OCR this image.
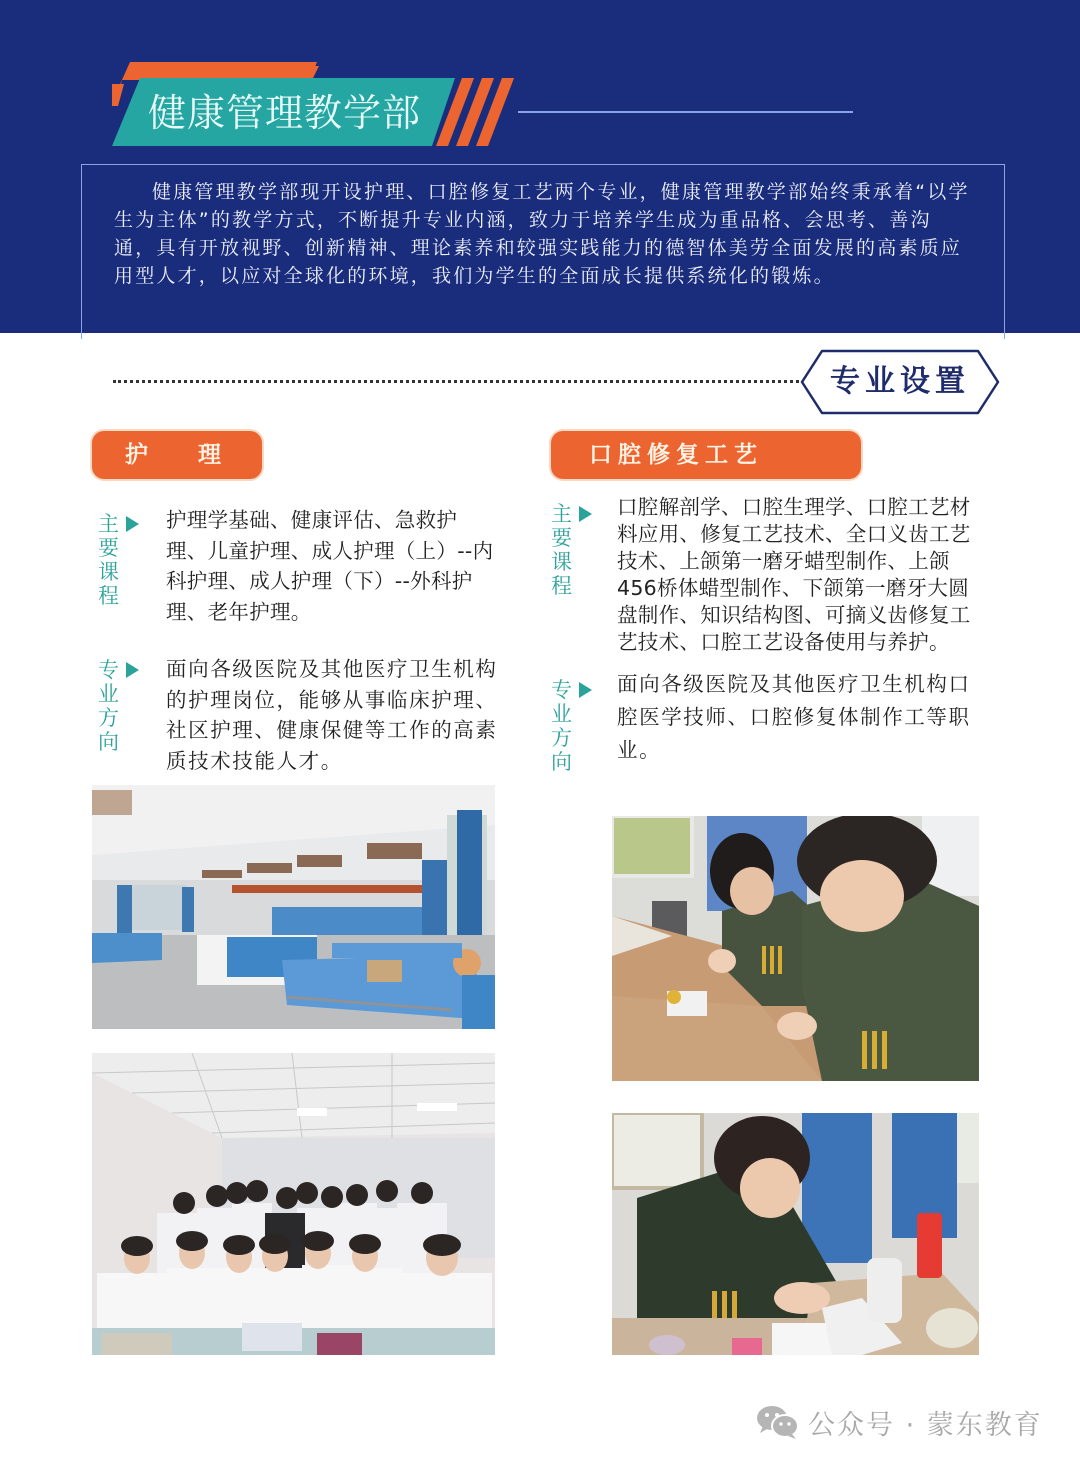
健康管理教学部

健康管理教学部现开设护理、口腔修复工艺两个专业，健康管理教学部始终秉承着“以学生为主体”的教学方式，不断提升专业内涵，致力于培养学生成为重品格、会思考、善沟通，具有开放视野、创新精神、理论素养和较强实践能力的德智体美劳全面发展的高素质应用型人才，以应对全球化的环境，我们为学生的全面成长提供系统化的锻炼。

专业设置
护 理
主
要
课
程
护理学基础、健康评估、急救护理、儿童护理、成人护理（上）--内科护理、成人护理（下）--外科护理、老年护理。
专
业
方
向
面向各级医院及其他医疗卫生机构的护理岗位，能够从事临床护理、社区护理、健康保健等工作的高素质技术技能人才。
口腔修复工艺
主
要
课
程
口腔解剖学、口腔生理学、口腔工艺材料应用、修复工艺技术、全口义齿工艺技术、上颌第一磨牙蜡型制作、上颌456桥体蜡型制作、下颌第一磨牙大圆盘制作、知识结构图、可摘义齿修复工艺技术、口腔工艺设备使用与养护。
专
业
方
向
面向各级医院及其他医疗卫生机构口腔医学技师、口腔修复体制作工等职业。
公众号 · 蒙东教育
